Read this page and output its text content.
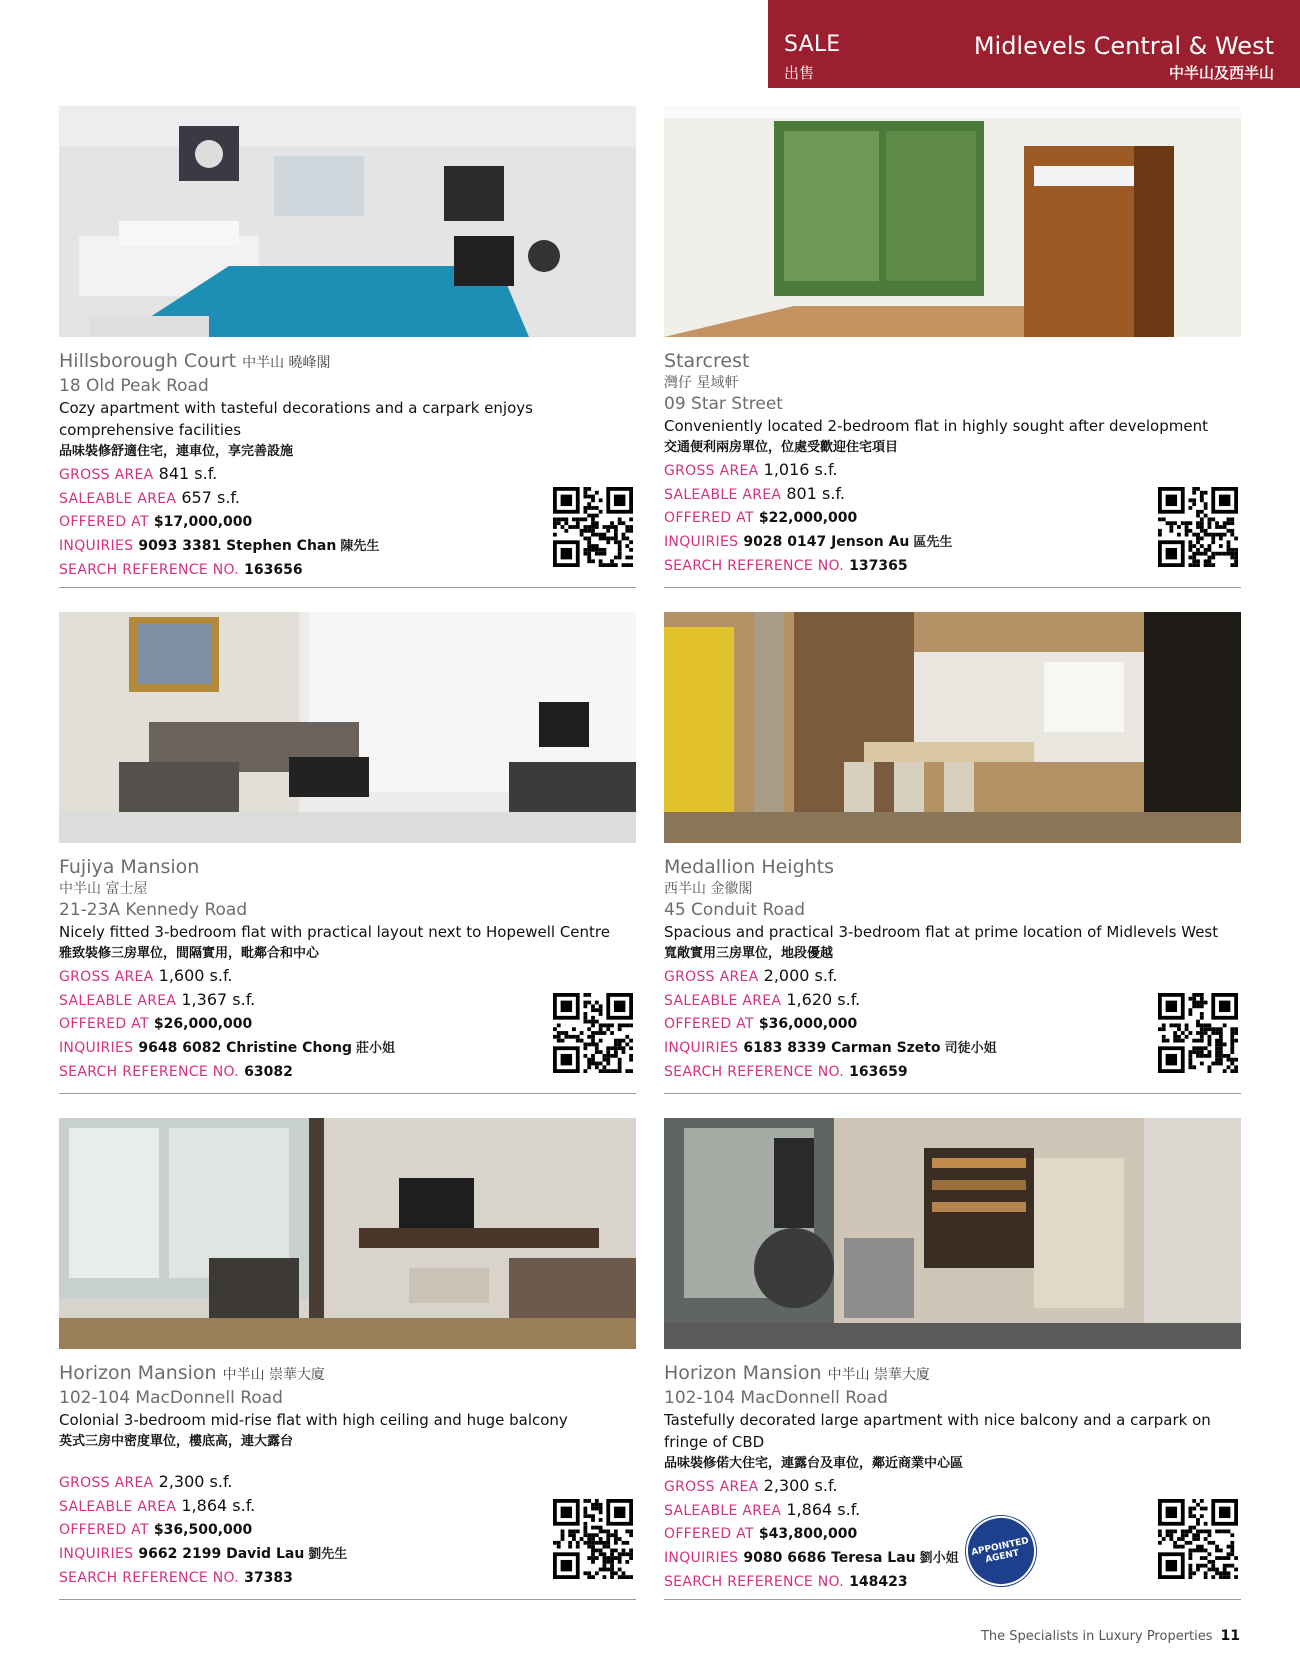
SALE
出售
Midlevels Central & West
中半山及西半山
Hillsborough Court 中半山 曉峰閣
18 Old Peak Road
Cozy apartment with tasteful decorations and a carpark enjoys comprehensive facilities
品味裝修舒適住宅，連車位，享完善設施
GROSS AREA 841 s.f.
SALEABLE AREA 657 s.f.
OFFERED AT $17,000,000
INQUIRIES 9093 3381 Stephen Chan 陳先生
SEARCH REFERENCE NO. 163656
Starcrest
灣仔 星域軒
09 Star Street
Conveniently located 2-bedroom flat in highly sought after development
交通便利兩房單位，位處受歡迎住宅項目
GROSS AREA 1,016 s.f.
SALEABLE AREA 801 s.f.
OFFERED AT $22,000,000
INQUIRIES 9028 0147 Jenson Au 區先生
SEARCH REFERENCE NO. 137365
Fujiya Mansion
中半山 富士屋
21-23A Kennedy Road
Nicely fitted 3-bedroom flat with practical layout next to Hopewell Centre
雅致裝修三房單位，間隔實用，毗鄰合和中心
GROSS AREA 1,600 s.f.
SALEABLE AREA 1,367 s.f.
OFFERED AT $26,000,000
INQUIRIES 9648 6082 Christine Chong 莊小姐
SEARCH REFERENCE NO. 63082
Medallion Heights
西半山 金徽閣
45 Conduit Road
Spacious and practical 3-bedroom flat at prime location of Midlevels West
寬敞實用三房單位，地段優越
GROSS AREA 2,000 s.f.
SALEABLE AREA 1,620 s.f.
OFFERED AT $36,000,000
INQUIRIES 6183 8339 Carman Szeto 司徒小姐
SEARCH REFERENCE NO. 163659
Horizon Mansion 中半山 崇華大廈
102-104 MacDonnell Road
Colonial 3-bedroom mid-rise flat with high ceiling and huge balcony
英式三房中密度單位，樓底高，連大露台
GROSS AREA 2,300 s.f.
SALEABLE AREA 1,864 s.f.
OFFERED AT $36,500,000
INQUIRIES 9662 2199 David Lau 劉先生
SEARCH REFERENCE NO. 37383
Horizon Mansion 中半山 崇華大廈
102-104 MacDonnell Road
Tastefully decorated large apartment with nice balcony and a carpark on fringe of CBD
品味裝修偌大住宅，連露台及車位，鄰近商業中心區
GROSS AREA 2,300 s.f.
SALEABLE AREA 1,864 s.f.
OFFERED AT $43,800,000
INQUIRIES 9080 6686 Teresa Lau 劉小姐
SEARCH REFERENCE NO. 148423
APPOINTED AGENT
The Specialists in Luxury Properties 11
